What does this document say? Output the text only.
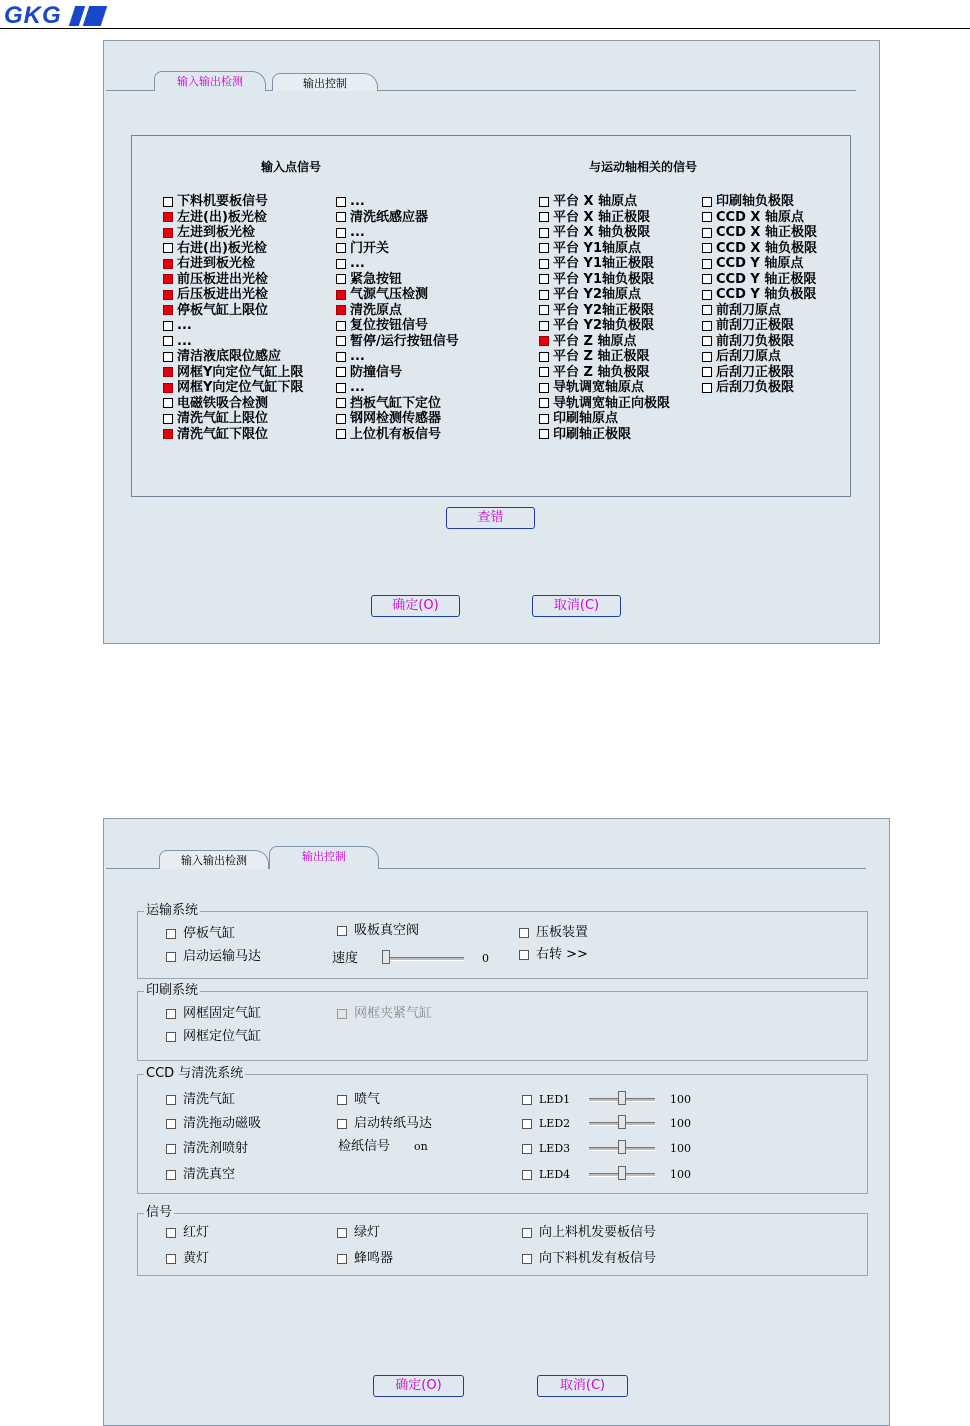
GKG
输入输出检测	输出控制
输入点信号	与运动轴相关的信号
下料机要板信号
左进(出)板光检
左进到板光检
右进(出)板光检
右进到板光检
前压板进出光检
后压板进出光检
停板气缸上限位
...
...
清洁液底限位感应
网框Y向定位气缸上限
网框Y向定位气缸下限
电磁铁吸合检测
清洗气缸上限位
清洗气缸下限位
...
清洗纸感应器
...
门开关
...
紧急按钮
气源气压检测
清洗原点
复位按钮信号
暂停/运行按钮信号
...
防撞信号
...
挡板气缸下定位
钢网检测传感器
上位机有板信号
平台 X 轴原点
平台 X 轴正极限
平台 X 轴负极限
平台 Y1轴原点
平台 Y1轴正极限
平台 Y1轴负极限
平台 Y2轴原点
平台 Y2轴正极限
平台 Y2轴负极限
平台 Z 轴原点
平台 Z 轴正极限
平台 Z 轴负极限
导轨调宽轴原点
导轨调宽轴正向极限
印刷轴原点
印刷轴正极限
印刷轴负极限
CCD X 轴原点
CCD X 轴正极限
CCD X 轴负极限
CCD Y 轴原点
CCD Y 轴正极限
CCD Y 轴负极限
前刮刀原点
前刮刀正极限
前刮刀负极限
后刮刀原点
后刮刀正极限
后刮刀负极限
查错
确定(O)	取消(C)
输入输出检测	输出控制
运输系统
停板气缸
启动运输马达
吸板真空阀
速度	0
压板装置
右转 >>
印刷系统
网框固定气缸
网框定位气缸
网框夹紧气缸
CCD 与清洗系统
清洗气缸
清洗拖动磁吸
清洗剂喷射
清洗真空
喷气
启动转纸马达
检纸信号 on
LED1	100
LED2	100
LED3	100
LED4	100
信号
红灯
黄灯
绿灯
蜂鸣器
向上料机发要板信号
向下料机发有板信号
确定(O)	取消(C)
